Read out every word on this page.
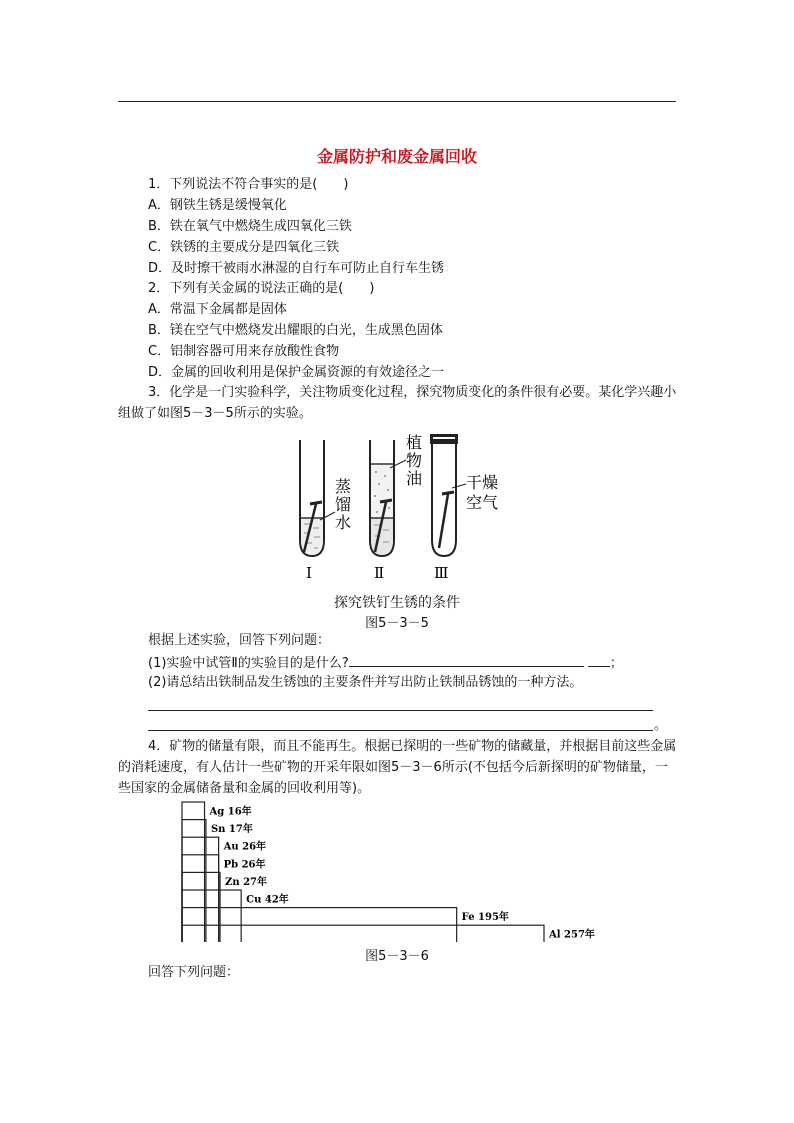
金属防护和废金属回收
1．下列说法不符合事实的是(　　)
A．钢铁生锈是缓慢氧化
B．铁在氧气中燃烧生成四氧化三铁
C．铁锈的主要成分是四氧化三铁
D．及时擦干被雨水淋湿的自行车可防止自行车生锈
2．下列有关金属的说法正确的是(　　)
A．常温下金属都是固体
B．镁在空气中燃烧发出耀眼的白光，生成黑色固体
C．铝制容器可用来存放酸性食物
D．金属的回收利用是保护金属资源的有效途径之一
3．化学是一门实验科学，关注物质变化过程，探究物质变化的条件很有必要。某化学兴趣小组做了如图5－3－5所示的实验。
蒸
馏
水
植
物
油	干燥
空气
Ⅰ	Ⅱ	Ⅲ
探究铁钉生锈的条件
图5－3－5
根据上述实验，回答下列问题：
(1)实验中试管Ⅱ的实验目的是什么?	；
(2)请总结出铁制品发生锈蚀的主要条件并写出防止铁制品锈蚀的一种方法。
。
4．矿物的储量有限，而且不能再生。根据已探明的一些矿物的储藏量，并根据目前这些金属的消耗速度，有人估计一些矿物的开采年限如图5－3－6所示(不包括今后新探明的矿物储量，一些国家的金属储备量和金属的回收利用等)。
Ag 16年
Sn 17年
Au 26年
Pb 26年
Zn 27年
Cu 42年
Fe 195年
Al 257年
图5－3－6
回答下列问题：
